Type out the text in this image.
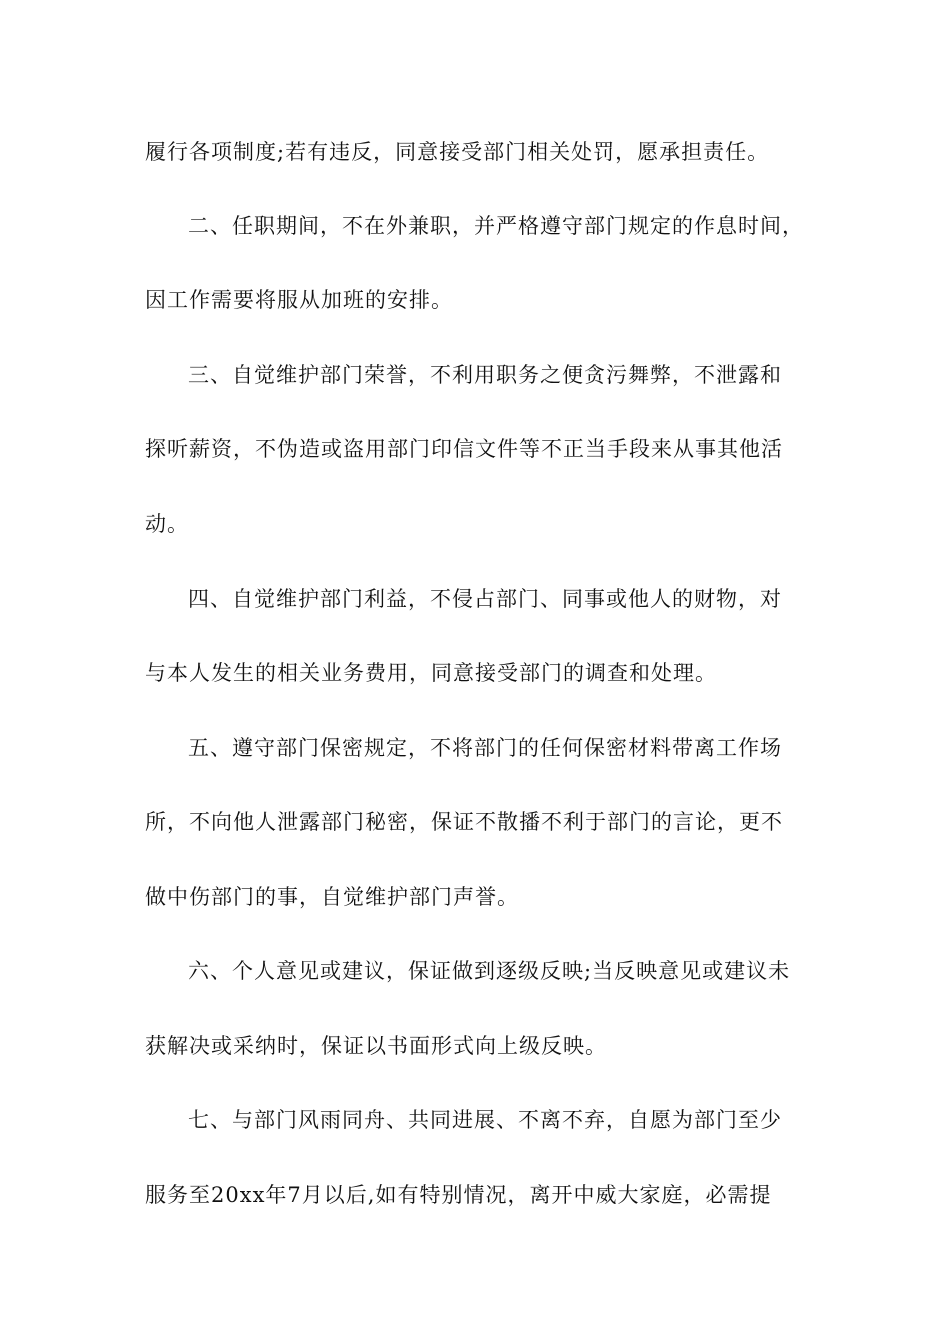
履行各项制度;若有违反，同意接受部门相关处罚，愿承担责任。
二、任职期间，不在外兼职，并严格遵守部门规定的作息时间，
因工作需要将服从加班的安排。
三、自觉维护部门荣誉，不利用职务之便贪污舞弊，不泄露和
探听薪资，不伪造或盗用部门印信文件等不正当手段来从事其他活
动。
四、自觉维护部门利益，不侵占部门、同事或他人的财物，对
与本人发生的相关业务费用，同意接受部门的调查和处理。
五、遵守部门保密规定，不将部门的任何保密材料带离工作场
所，不向他人泄露部门秘密，保证不散播不利于部门的言论，更不
做中伤部门的事，自觉维护部门声誉。
六、个人意见或建议，保证做到逐级反映;当反映意见或建议未
获解决或采纳时，保证以书面形式向上级反映。
七、与部门风雨同舟、共同进展、不离不弃，自愿为部门至少
服务至20xx年7月以后,如有特别情况，离开中威大家庭，必需提
